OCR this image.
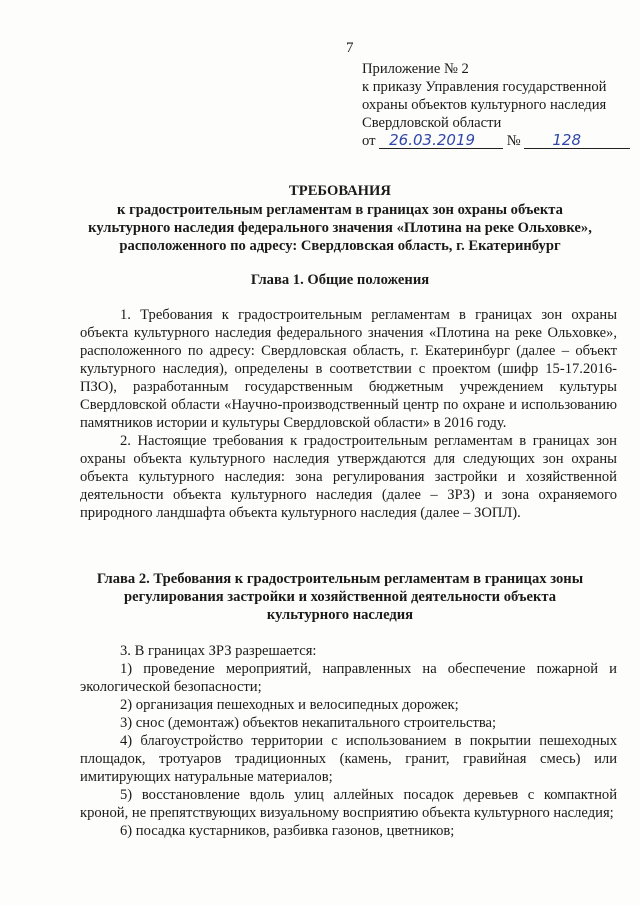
7
Приложение № 2
к приказу Управления государственной
охраны объектов культурного наследия
Свердловской области
от 26.03.2019 № 128
ТРЕБОВАНИЯ
к градостроительным регламентам в границах зон охраны объекта
культурного наследия федерального значения «Плотина на реке Ольховке»,
расположенного по адресу: Свердловская область, г. Екатеринбург
Глава 1. Общие положения

1. Требования к градостроительным регламентам в границах зон охраны объекта культурного наследия федерального значения «Плотина на реке Ольховке», расположенного по адресу: Свердловская область, г. Екатеринбург (далее – объект культурного наследия), определены в соответствии с проектом (шифр 15-17.2016-ПЗО), разработанным государственным бюджетным учреждением культуры Свердловской области «Научно-производственный центр по охране и использованию памятников истории и культуры Свердловской области» в 2016 году.

2. Настоящие требования к градостроительным регламентам в границах зон охраны объекта культурного наследия утверждаются для следующих зон охраны объекта культурного наследия: зона регулирования застройки и хозяйственной деятельности объекта культурного наследия (далее – ЗРЗ) и зона охраняемого природного ландшафта объекта культурного наследия (далее – ЗОПЛ).

Глава 2. Требования к градостроительным регламентам в границах зоны
регулирования застройки и хозяйственной деятельности объекта
культурного наследия

3. В границах ЗРЗ разрешается:

1) проведение мероприятий, направленных на обеспечение пожарной и экологической безопасности;

2) организация пешеходных и велосипедных дорожек;

3) снос (демонтаж) объектов некапитального строительства;

4) благоустройство территории с использованием в покрытии пешеходных площадок, тротуаров традиционных (камень, гранит, гравийная смесь) или имитирующих натуральные материалов;

5) восстановление вдоль улиц аллейных посадок деревьев с компактной кроной, не препятствующих визуальному восприятию объекта культурного наследия;

6) посадка кустарников, разбивка газонов, цветников;
